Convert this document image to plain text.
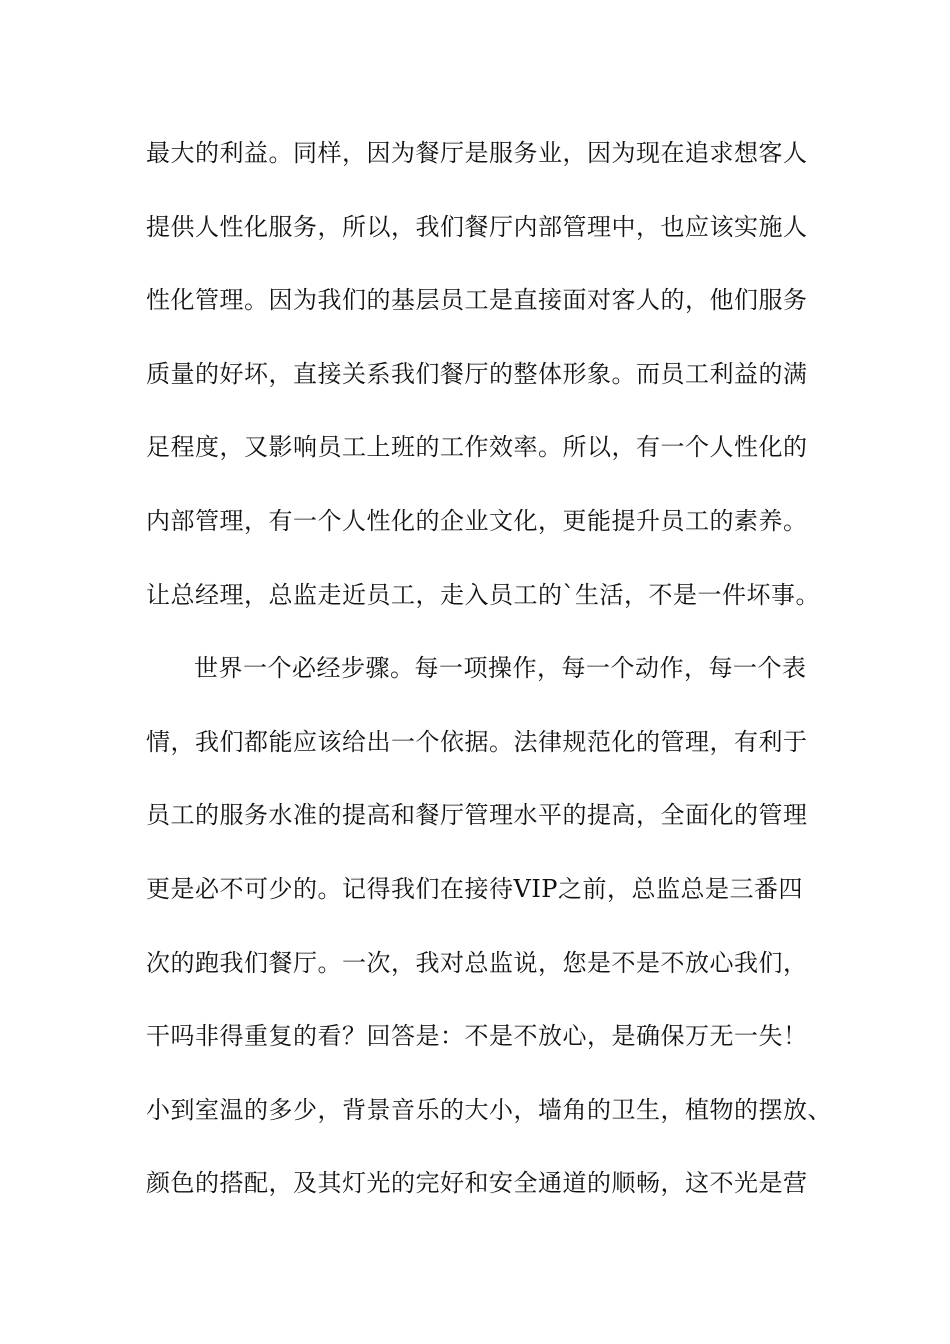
最大的利益。同样，因为餐厅是服务业，因为现在追求想客人
提供人性化服务，所以，我们餐厅内部管理中，也应该实施人
性化管理。因为我们的基层员工是直接面对客人的，他们服务
质量的好坏，直接关系我们餐厅的整体形象。而员工利益的满
足程度，又影响员工上班的工作效率。所以，有一个人性化的
内部管理，有一个人性化的企业文化，更能提升员工的素养。
让总经理，总监走近员工，走入员工的`生活，不是一件坏事。
世界一个必经步骤。每一项操作，每一个动作，每一个表
情，我们都能应该给出一个依据。法律规范化的管理，有利于
员工的服务水准的提高和餐厅管理水平的提高，全面化的管理
更是必不可少的。记得我们在接待VIP之前，总监总是三番四
次的跑我们餐厅。一次，我对总监说，您是不是不放心我们，
干吗非得重复的看？回答是：不是不放心，是确保万无一失！
小到室温的多少，背景音乐的大小，墙角的卫生，植物的摆放、
颜色的搭配，及其灯光的完好和安全通道的顺畅，这不光是营
